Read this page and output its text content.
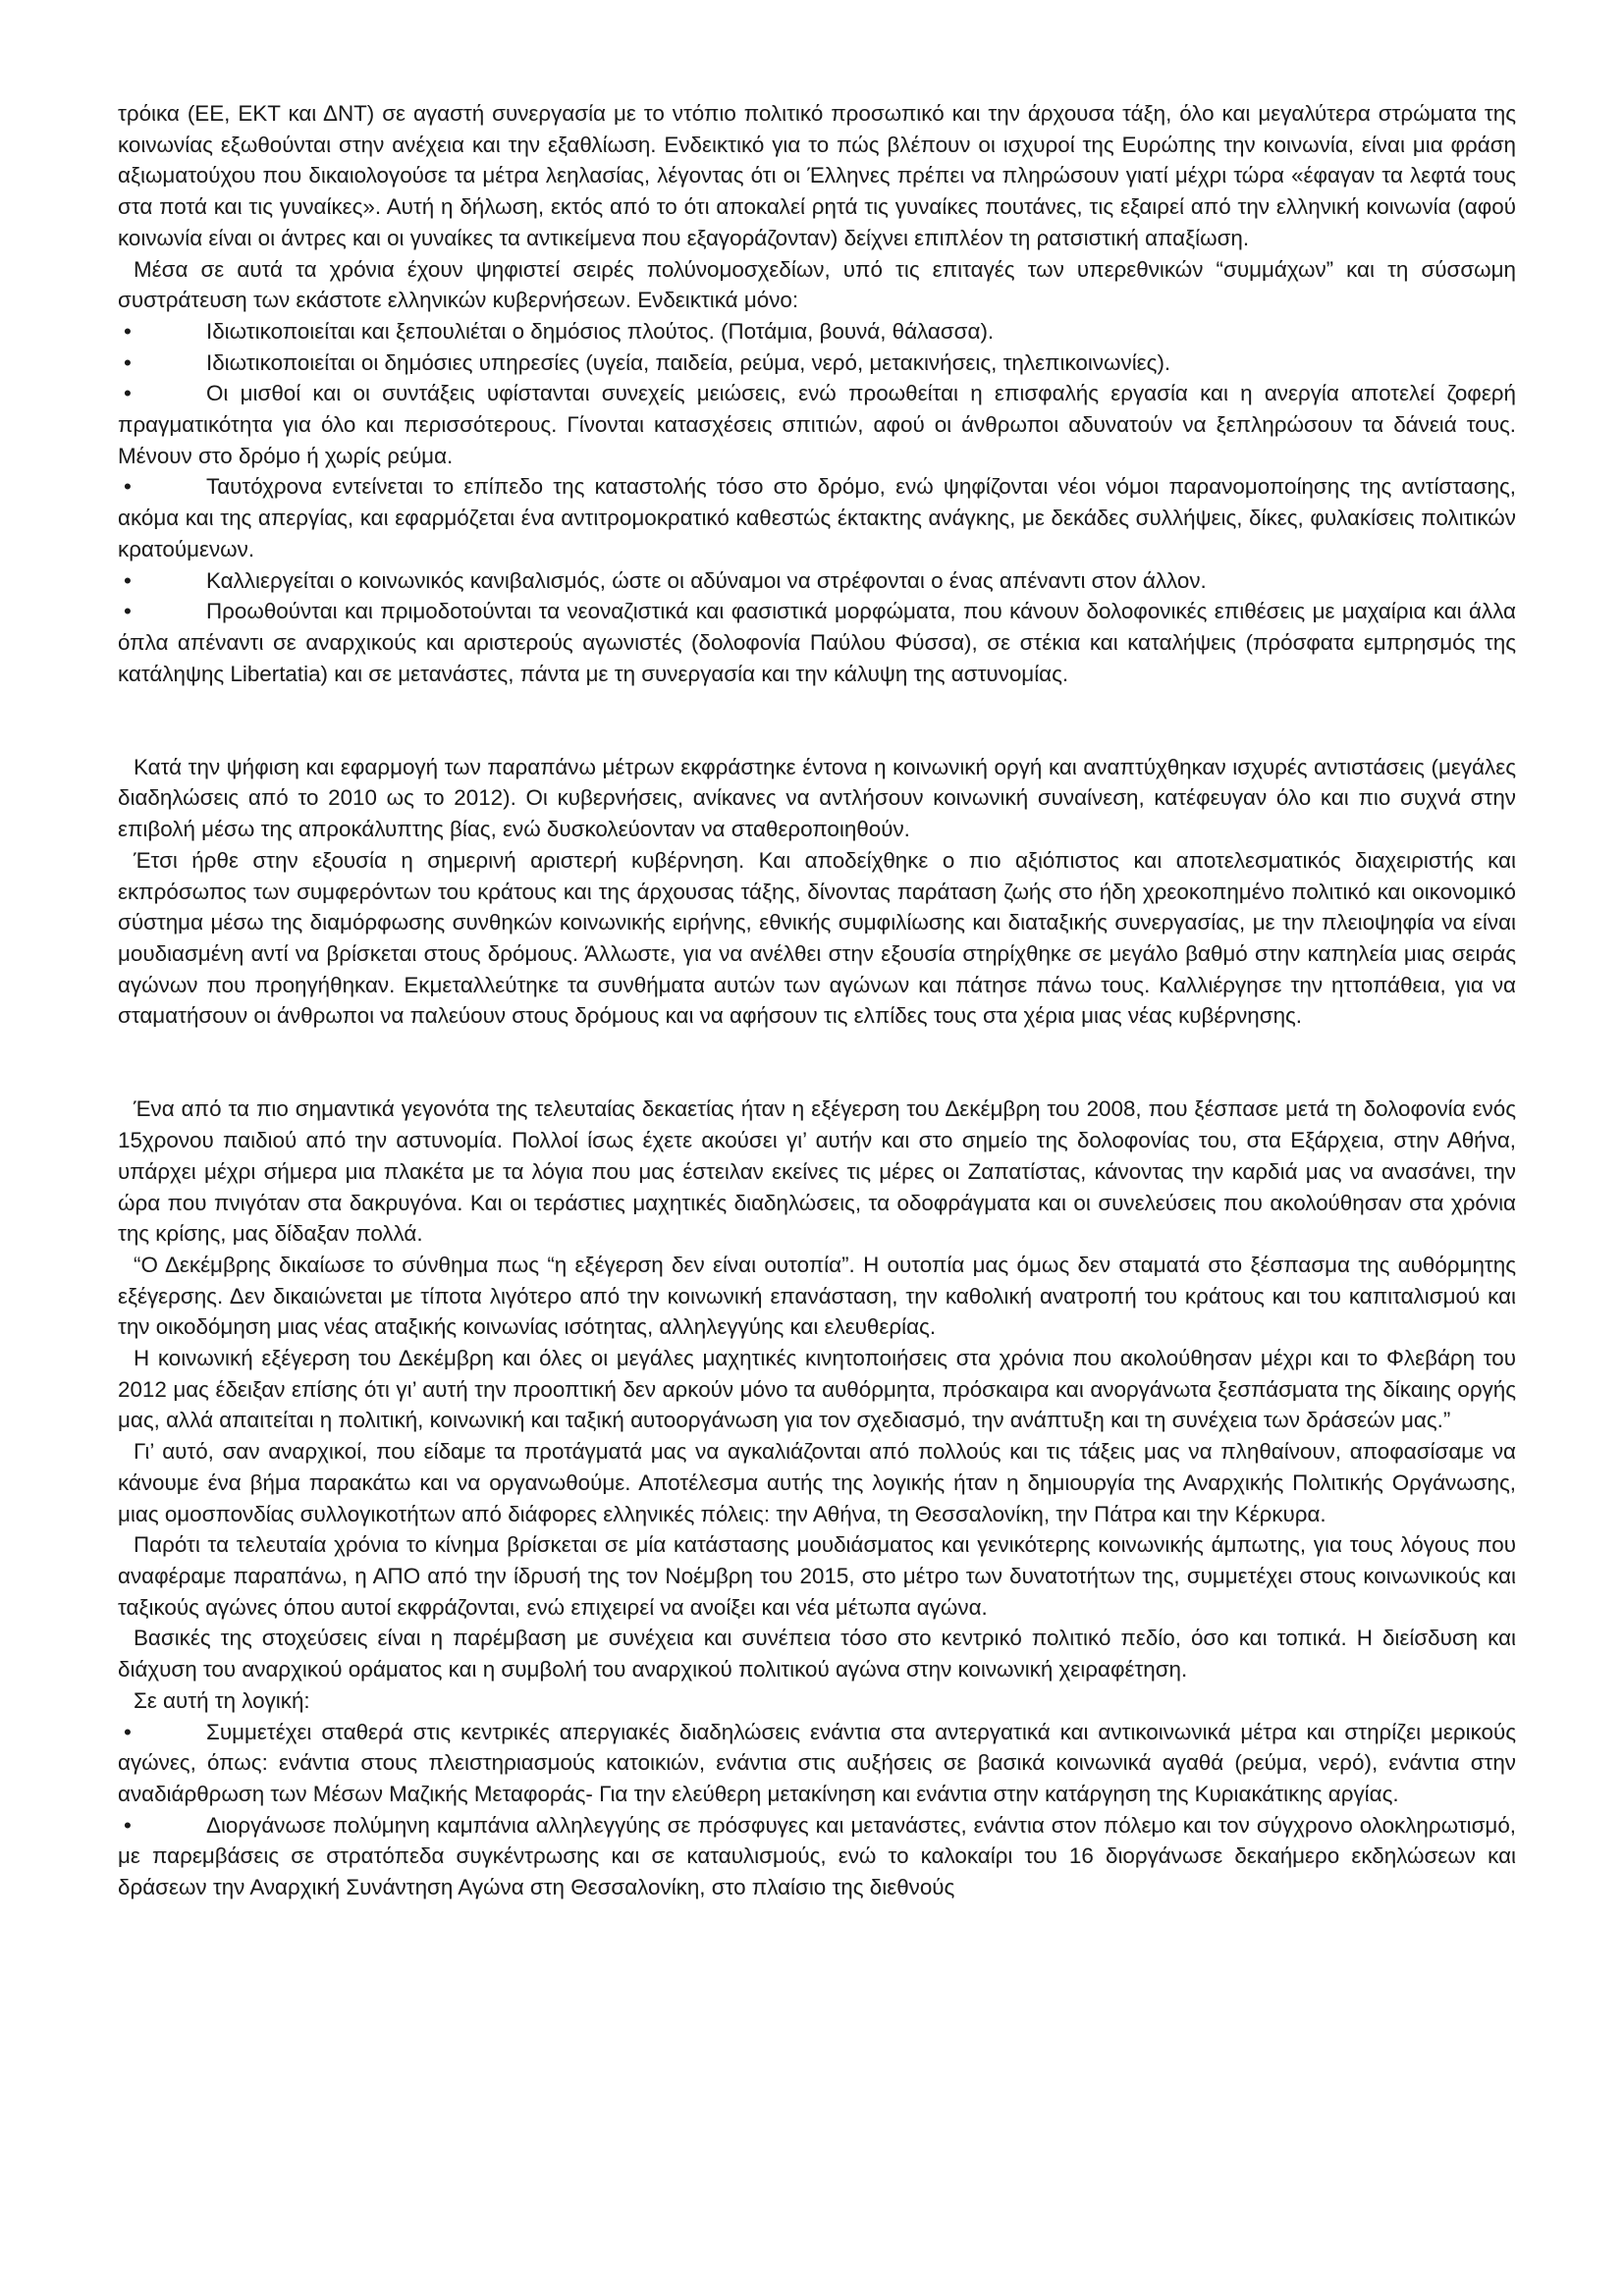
τρόικα (ΕΕ, ΕΚΤ και ΔΝΤ) σε αγαστή συνεργασία με το ντόπιο πολιτικό προσωπικό και την άρχουσα τάξη, όλο και μεγαλύτερα στρώματα της κοινωνίας εξωθούνται στην ανέχεια και την εξαθλίωση. Ενδεικτικό για το πώς βλέπουν οι ισχυροί της Ευρώπης την κοινωνία, είναι μια φράση αξιωματούχου που δικαιολογούσε τα μέτρα λεηλασίας, λέγοντας ότι οι Έλληνες πρέπει να πληρώσουν γιατί μέχρι τώρα «έφαγαν τα λεφτά τους στα ποτά και τις γυναίκες». Αυτή η δήλωση, εκτός από το ότι αποκαλεί ρητά τις γυναίκες πουτάνες, τις εξαιρεί από την ελληνική κοινωνία (αφού κοινωνία είναι οι άντρες και οι γυναίκες τα αντικείμενα που εξαγοράζονταν) δείχνει επιπλέον τη ρατσιστική απαξίωση.

Μέσα σε αυτά τα χρόνια έχουν ψηφιστεί σειρές πολύνομοσχεδίων, υπό τις επιταγές των υπερεθνικών “συμμάχων” και τη σύσσωμη συστράτευση των εκάστοτε ελληνικών κυβερνήσεων. Ενδεικτικά μόνο:

•	Ιδιωτικοποιείται και ξεπουλιέται ο δημόσιος πλούτος. (Ποτάμια, βουνά, θάλασσα).

•	Ιδιωτικοποιείται οι δημόσιες υπηρεσίες (υγεία, παιδεία, ρεύμα, νερό, μετακινήσεις, τηλεπικοινωνίες).

•	Οι μισθοί και οι συντάξεις υφίστανται συνεχείς μειώσεις, ενώ προωθείται η επισφαλής εργασία και η ανεργία αποτελεί ζοφερή πραγματικότητα για όλο και περισσότερους. Γίνονται κατασχέσεις σπιτιών, αφού οι άνθρωποι αδυνατούν να ξεπληρώσουν τα δάνειά τους. Μένουν στο δρόμο ή χωρίς ρεύμα.

•	Ταυτόχρονα εντείνεται το επίπεδο της καταστολής τόσο στο δρόμο, ενώ ψηφίζονται νέοι νόμοι παρανομοποίησης της αντίστασης, ακόμα και της απεργίας, και εφαρμόζεται ένα αντιτρομοκρατικό καθεστώς έκτακτης ανάγκης, με δεκάδες συλλήψεις, δίκες, φυλακίσεις πολιτικών κρατούμενων.

•	Καλλιεργείται ο κοινωνικός κανιβαλισμός, ώστε οι αδύναμοι να στρέφονται ο ένας απέναντι στον άλλον.

•	Προωθούνται και πριμοδοτούνται τα νεοναζιστικά και φασιστικά μορφώματα, που κάνουν δολοφονικές επιθέσεις με μαχαίρια και άλλα όπλα απέναντι σε αναρχικούς και αριστερούς αγωνιστές (δολοφονία Παύλου Φύσσα), σε στέκια και καταλήψεις (πρόσφατα εμπρησμός της κατάληψης Libertatia) και σε μετανάστες, πάντα με τη συνεργασία και την κάλυψη της αστυνομίας.

Κατά την ψήφιση και εφαρμογή των παραπάνω μέτρων εκφράστηκε έντονα η κοινωνική οργή και αναπτύχθηκαν ισχυρές αντιστάσεις (μεγάλες διαδηλώσεις από το 2010 ως το 2012). Οι κυβερνήσεις, ανίκανες να αντλήσουν κοινωνική συναίνεση, κατέφευγαν όλο και πιο συχνά στην επιβολή μέσω της απροκάλυπτης βίας, ενώ δυσκολεύονταν να σταθεροποιηθούν.

Έτσι ήρθε στην εξουσία η σημερινή αριστερή κυβέρνηση. Και αποδείχθηκε ο πιο αξιόπιστος και αποτελεσματικός διαχειριστής και εκπρόσωπος των συμφερόντων του κράτους και της άρχουσας τάξης, δίνοντας παράταση ζωής στο ήδη χρεοκοπημένο πολιτικό και οικονομικό σύστημα μέσω της διαμόρφωσης συνθηκών κοινωνικής ειρήνης, εθνικής συμφιλίωσης και διαταξικής συνεργασίας, με την πλειοψηφία να είναι μουδιασμένη αντί να βρίσκεται στους δρόμους. Άλλωστε, για να ανέλθει στην εξουσία στηρίχθηκε σε μεγάλο βαθμό στην καπηλεία μιας σειράς αγώνων που προηγήθηκαν. Εκμεταλλεύτηκε τα συνθήματα αυτών των αγώνων και πάτησε πάνω τους. Καλλιέργησε την ηττοπάθεια, για να σταματήσουν οι άνθρωποι να παλεύουν στους δρόμους και να αφήσουν τις ελπίδες τους στα χέρια μιας νέας κυβέρνησης.

Ένα από τα πιο σημαντικά γεγονότα της τελευταίας δεκαετίας ήταν η εξέγερση του Δεκέμβρη του 2008, που ξέσπασε μετά τη δολοφονία ενός 15χρονου παιδιού από την αστυνομία. Πολλοί ίσως έχετε ακούσει γι’ αυτήν και στο σημείο της δολοφονίας του, στα Εξάρχεια, στην Αθήνα, υπάρχει μέχρι σήμερα μια πλακέτα με τα λόγια που μας έστειλαν εκείνες τις μέρες οι Ζαπατίστας, κάνοντας την καρδιά μας να ανασάνει, την ώρα που πνιγόταν στα δακρυγόνα. Και οι τεράστιες μαχητικές διαδηλώσεις, τα οδοφράγματα και οι συνελεύσεις που ακολούθησαν στα χρόνια της κρίσης, μας δίδαξαν πολλά.

“Ο Δεκέμβρης δικαίωσε το σύνθημα πως “η εξέγερση δεν είναι ουτοπία”. Η ουτοπία μας όμως δεν σταματά στο ξέσπασμα της αυθόρμητης εξέγερσης. Δεν δικαιώνεται με τίποτα λιγότερο από την κοινωνική επανάσταση, την καθολική ανατροπή του κράτους και του καπιταλισμού και την οικοδόμηση μιας νέας αταξικής κοινωνίας ισότητας, αλληλεγγύης και ελευθερίας.

Η κοινωνική εξέγερση του Δεκέμβρη και όλες οι μεγάλες μαχητικές κινητοποιήσεις στα χρόνια που ακολούθησαν μέχρι και το Φλεβάρη του 2012 μας έδειξαν επίσης ότι γι’ αυτή την προοπτική δεν αρκούν μόνο τα αυθόρμητα, πρόσκαιρα και ανοργάνωτα ξεσπάσματα της δίκαιης οργής μας, αλλά απαιτείται η πολιτική, κοινωνική και ταξική αυτοοργάνωση για τον σχεδιασμό, την ανάπτυξη και τη συνέχεια των δράσεών μας.”

Γι’ αυτό, σαν αναρχικοί, που είδαμε τα προτάγματά μας να αγκαλιάζονται από πολλούς και τις τάξεις μας να πληθαίνουν, αποφασίσαμε να κάνουμε ένα βήμα παρακάτω και να οργανωθούμε. Αποτέλεσμα αυτής της λογικής ήταν η δημιουργία της Αναρχικής Πολιτικής Οργάνωσης, μιας ομοσπονδίας συλλογικοτήτων από διάφορες ελληνικές πόλεις: την Αθήνα, τη Θεσσαλονίκη, την Πάτρα και την Κέρκυρα.

Παρότι τα τελευταία χρόνια το κίνημα βρίσκεται σε μία κατάστασης μουδιάσματος και γενικότερης κοινωνικής άμπωτης, για τους λόγους που αναφέραμε παραπάνω, η ΑΠΟ από την ίδρυσή της τον Νοέμβρη του 2015, στο μέτρο των δυνατοτήτων της, συμμετέχει στους κοινωνικούς και ταξικούς αγώνες όπου αυτοί εκφράζονται, ενώ επιχειρεί να ανοίξει και νέα μέτωπα αγώνα.

Βασικές της στοχεύσεις είναι η παρέμβαση με συνέχεια και συνέπεια τόσο στο κεντρικό πολιτικό πεδίο, όσο και τοπικά. Η διείσδυση και διάχυση του αναρχικού οράματος και η συμβολή του αναρχικού πολιτικού αγώνα στην κοινωνική χειραφέτηση.

Σε αυτή τη λογική:

•	Συμμετέχει σταθερά στις κεντρικές απεργιακές διαδηλώσεις ενάντια στα αντεργατικά και αντικοινωνικά μέτρα και στηρίζει μερικούς αγώνες, όπως: ενάντια στους πλειστηριασμούς κατοικιών, ενάντια στις αυξήσεις σε βασικά κοινωνικά αγαθά (ρεύμα, νερό), ενάντια στην αναδιάρθρωση των Μέσων Μαζικής Μεταφοράς- Για την ελεύθερη μετακίνηση και ενάντια στην κατάργηση της Κυριακάτικης αργίας.

•	Διοργάνωσε πολύμηνη καμπάνια αλληλεγγύης σε πρόσφυγες και μετανάστες, ενάντια στον πόλεμο και τον σύγχρονο ολοκληρωτισμό, με παρεμβάσεις σε στρατόπεδα συγκέντρωσης και σε καταυλισμούς, ενώ το καλοκαίρι του 16 διοργάνωσε δεκαήμερο εκδηλώσεων και δράσεων την Αναρχική Συνάντηση Αγώνα στη Θεσσαλονίκη, στο πλαίσιο της διεθνούς
